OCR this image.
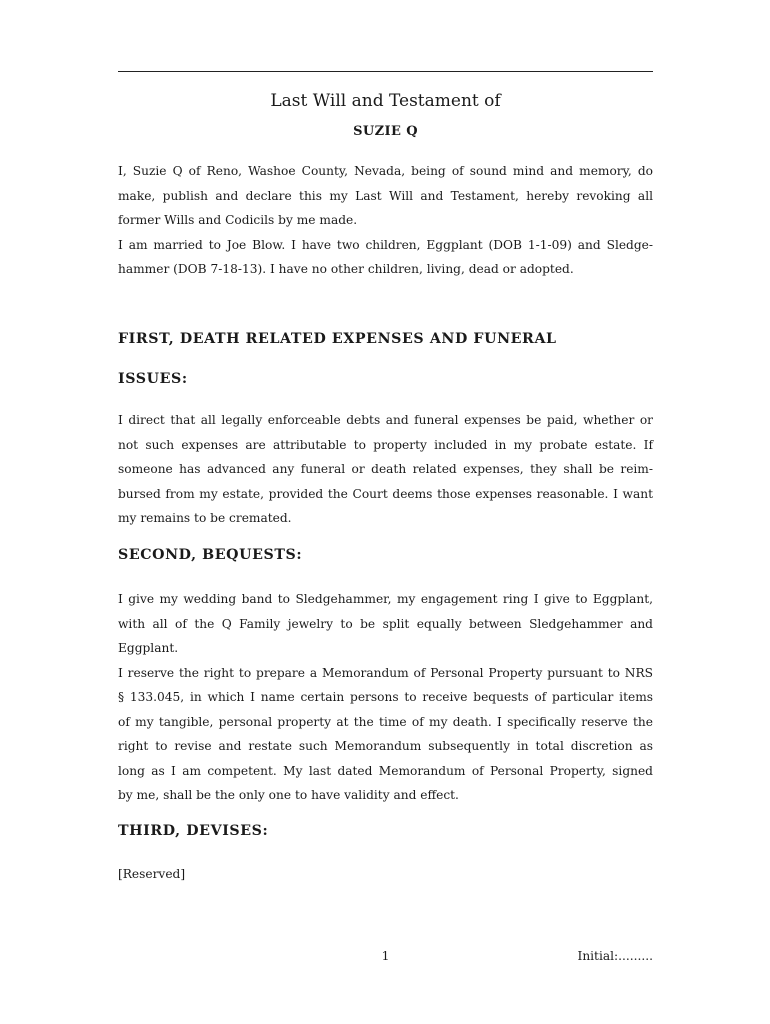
Last Will and Testament of
SUZIE Q

I, Suzie Q of Reno, Washoe County, Nevada, being of sound mind and memory, do
make, publish and declare this my Last Will and Testament, hereby revoking all
former Wills and Codicils by me made.
I am married to Joe Blow. I have two children, Eggplant (DOB 1-1-09) and Sledge-
hammer (DOB 7-18-13). I have no other children, living, dead or adopted.

FIRST, DEATH RELATED EXPENSES AND FUNERAL
ISSUES:

I direct that all legally enforceable debts and funeral expenses be paid, whether or
not such expenses are attributable to property included in my probate estate. If
someone has advanced any funeral or death related expenses, they shall be reim-
bursed from my estate, provided the Court deems those expenses reasonable. I want
my remains to be cremated.

SECOND, BEQUESTS:

I give my wedding band to Sledgehammer, my engagement ring I give to Eggplant,
with all of the Q Family jewelry to be split equally between Sledgehammer and
Eggplant.
I reserve the right to prepare a Memorandum of Personal Property pursuant to NRS
§ 133.045, in which I name certain persons to receive bequests of particular items
of my tangible, personal property at the time of my death. I specifically reserve the
right to revise and restate such Memorandum subsequently in total discretion as
long as I am competent. My last dated Memorandum of Personal Property, signed
by me, shall be the only one to have validity and effect.

THIRD, DEVISES:

[Reserved]

1	Initial:.........
